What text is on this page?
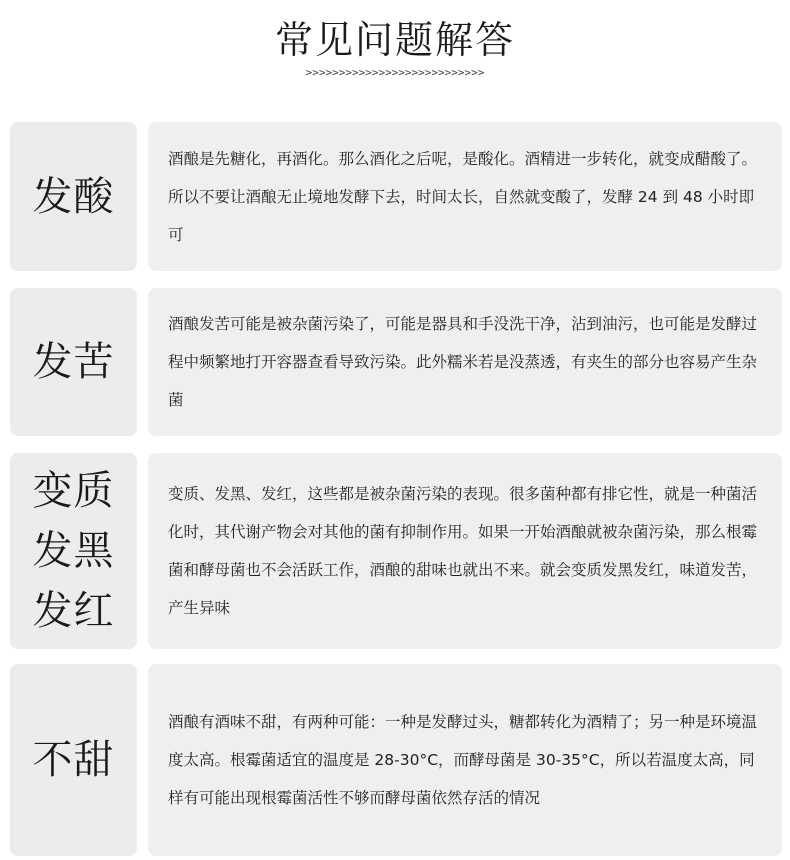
常见问题解答
>>>>>>>>>>>>>>>>>>>>>>>>>>>
发酸

酒酿是先糖化，再酒化。那么酒化之后呢，是酸化。酒精进一步转化，就变成醋酸了。所以不要让酒酿无止境地发酵下去，时间太长，自然就变酸了，发酵 24 到 48 小时即可

发苦

酒酿发苦可能是被杂菌污染了，可能是器具和手没洗干净，沾到油污，也可能是发酵过程中频繁地打开容器查看导致污染。此外糯米若是没蒸透，有夹生的部分也容易产生杂菌

变质
发黑
发红

变质、发黑、发红，这些都是被杂菌污染的表现。很多菌种都有排它性，就是一种菌活化时，其代谢产物会对其他的菌有抑制作用。如果一开始酒酿就被杂菌污染，那么根霉菌和酵母菌也不会活跃工作，酒酿的甜味也就出不来。就会变质发黑发红，味道发苦，产生异味

不甜

酒酿有酒味不甜，有两种可能：一种是发酵过头，糖都转化为酒精了；另一种是环境温度太高。根霉菌适宜的温度是 28-30°C，而酵母菌是 30-35°C，所以若温度太高，同样有可能出现根霉菌活性不够而酵母菌依然存活的情况
